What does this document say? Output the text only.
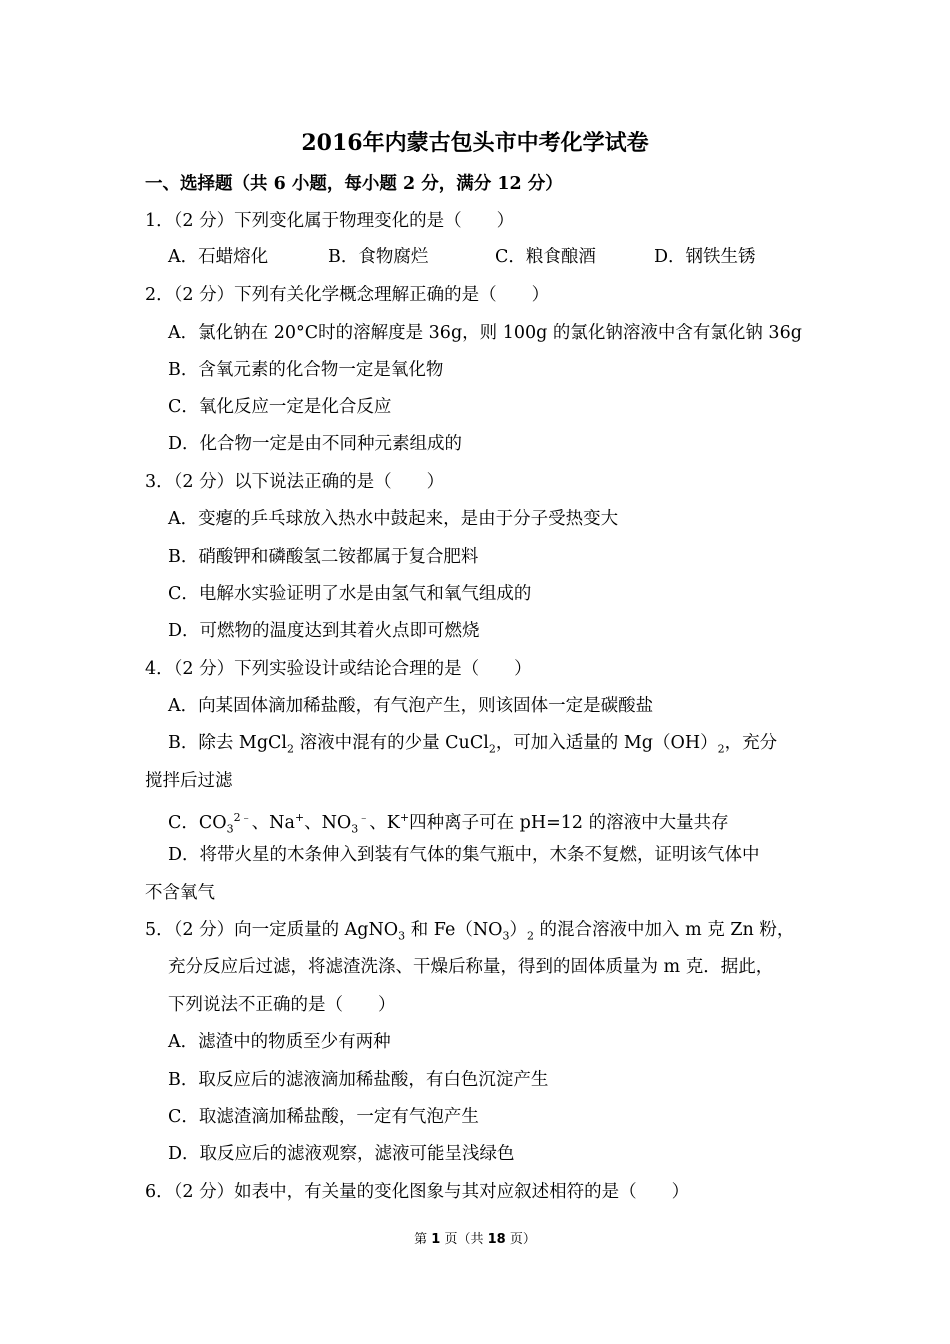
2016年内蒙古包头市中考化学试卷
一、选择题（共 6 小题，每小题 2 分，满分 12 分）
1．（2 分）下列变化属于物理变化的是（　　）
A．石蜡熔化	B．食物腐烂	C．粮食酿酒	D．钢铁生锈
2．（2 分）下列有关化学概念理解正确的是（　　）
A．氯化钠在 20°C时的溶解度是 36g，则 100g 的氯化钠溶液中含有氯化钠 36g
B．含氧元素的化合物一定是氧化物
C．氧化反应一定是化合反应
D．化合物一定是由不同种元素组成的
3．（2 分）以下说法正确的是（　　）
A．变瘪的乒乓球放入热水中鼓起来，是由于分子受热变大
B．硝酸钾和磷酸氢二铵都属于复合肥料
C．电解水实验证明了水是由氢气和氧气组成的
D．可燃物的温度达到其着火点即可燃烧
4．（2 分）下列实验设计或结论合理的是（　　）
A．向某固体滴加稀盐酸，有气泡产生，则该固体一定是碳酸盐
B．除去 MgCl$_2$ 溶液中混有的少量 CuCl$_2$，可加入适量的 $Mg(OH)_2$，充分
搅拌后过滤
C．$CO_3^{2﹣}$、Na+、$NO_3^﹣$、K+四种离子可在 pH=12 的溶液中大量共存
D．将带火星的木条伸入到装有气体的集气瓶中，木条不复燃，证明该气体中
不含氧气
5．（2 分）向一定质量的 AgNO$_3$ 和 $Fe(NO_3)_2$ 的混合溶液中加入 m 克 Zn 粉，
充分反应后过滤，将滤渣洗涤、干燥后称量，得到的固体质量为 m 克．据此，
下列说法不正确的是（　　）
A．滤渣中的物质至少有两种
B．取反应后的滤液滴加稀盐酸，有白色沉淀产生
C．取滤渣滴加稀盐酸，一定有气泡产生
D．取反应后的滤液观察，滤液可能呈浅绿色
6．（2 分）如表中，有关量的变化图象与其对应叙述相符的是（　　）
第 1 页（共 18 页）
